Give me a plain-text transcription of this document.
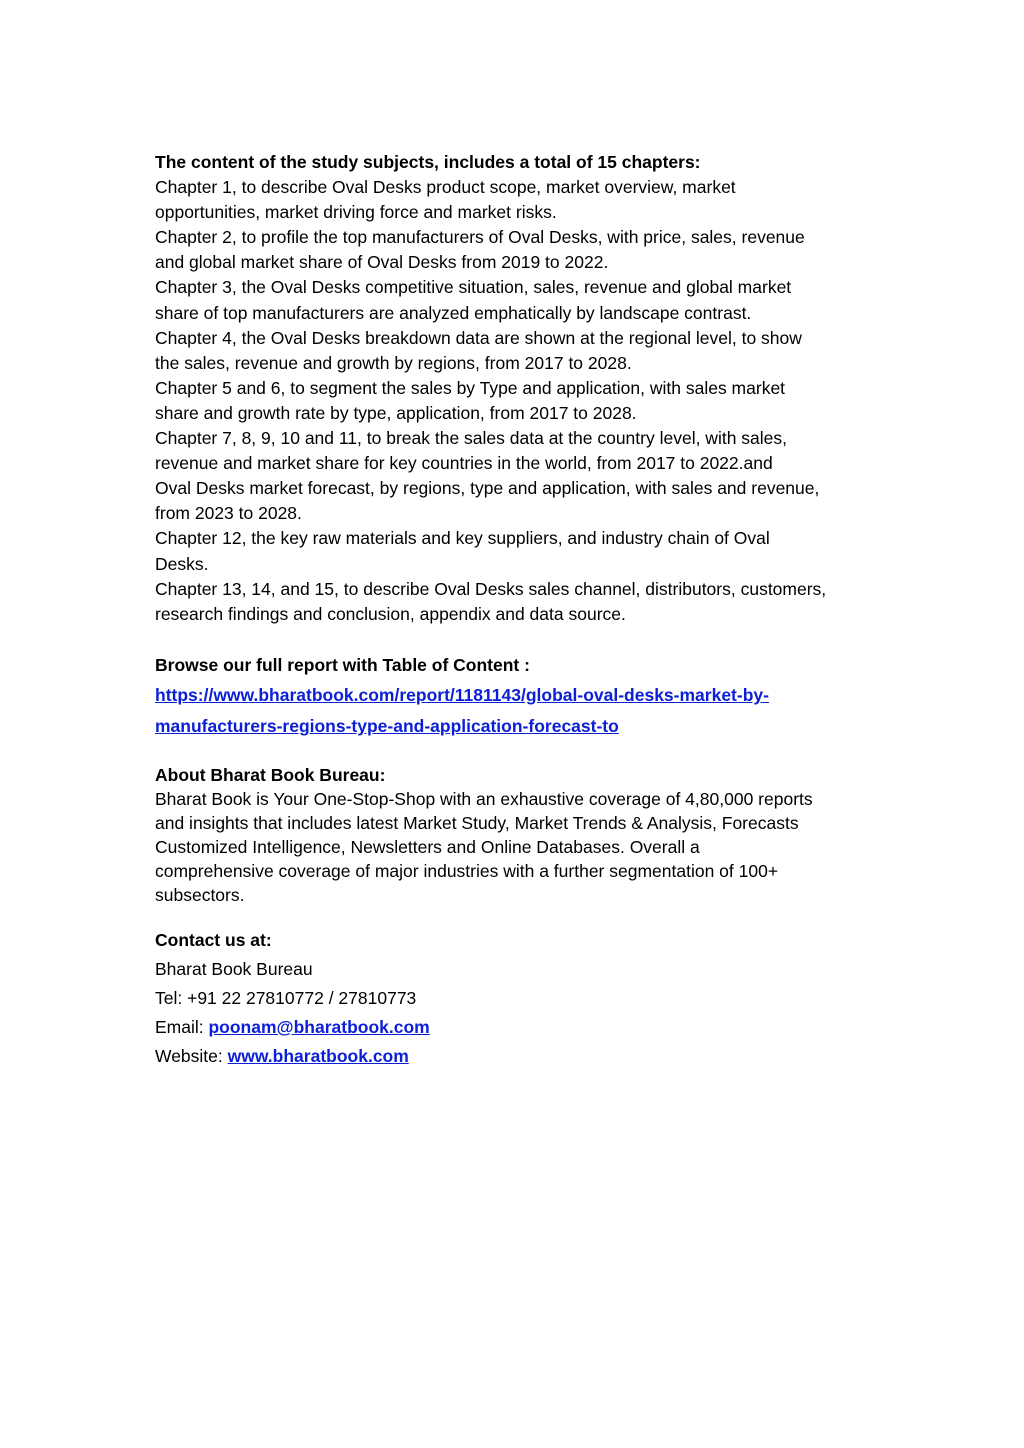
The content of the study subjects, includes a total of 15 chapters:
Chapter 1, to describe Oval Desks product scope, market overview, market
opportunities, market driving force and market risks.
Chapter 2, to profile the top manufacturers of Oval Desks, with price, sales, revenue
and global market share of Oval Desks from 2019 to 2022.
Chapter 3, the Oval Desks competitive situation, sales, revenue and global market
share of top manufacturers are analyzed emphatically by landscape contrast.
Chapter 4, the Oval Desks breakdown data are shown at the regional level, to show
the sales, revenue and growth by regions, from 2017 to 2028.
Chapter 5 and 6, to segment the sales by Type and application, with sales market
share and growth rate by type, application, from 2017 to 2028.
Chapter 7, 8, 9, 10 and 11, to break the sales data at the country level, with sales,
revenue and market share for key countries in the world, from 2017 to 2022.and
Oval Desks market forecast, by regions, type and application, with sales and revenue,
from 2023 to 2028.
Chapter 12, the key raw materials and key suppliers, and industry chain of Oval
Desks.
Chapter 13, 14, and 15, to describe Oval Desks sales channel, distributors, customers,
research findings and conclusion, appendix and data source.
Browse our full report with Table of Content :
https://www.bharatbook.com/report/1181143/global-oval-desks-market-by-
manufacturers-regions-type-and-application-forecast-to
About Bharat Book Bureau:
Bharat Book is Your One-Stop-Shop with an exhaustive coverage of 4,80,000 reports
and insights that includes latest Market Study, Market Trends & Analysis, Forecasts
Customized Intelligence, Newsletters and Online Databases. Overall a
comprehensive coverage of major industries with a further segmentation of 100+
subsectors.
Contact us at:
Bharat Book Bureau
Tel: +91 22 27810772 / 27810773
Email: poonam@bharatbook.com
Website: www.bharatbook.com
